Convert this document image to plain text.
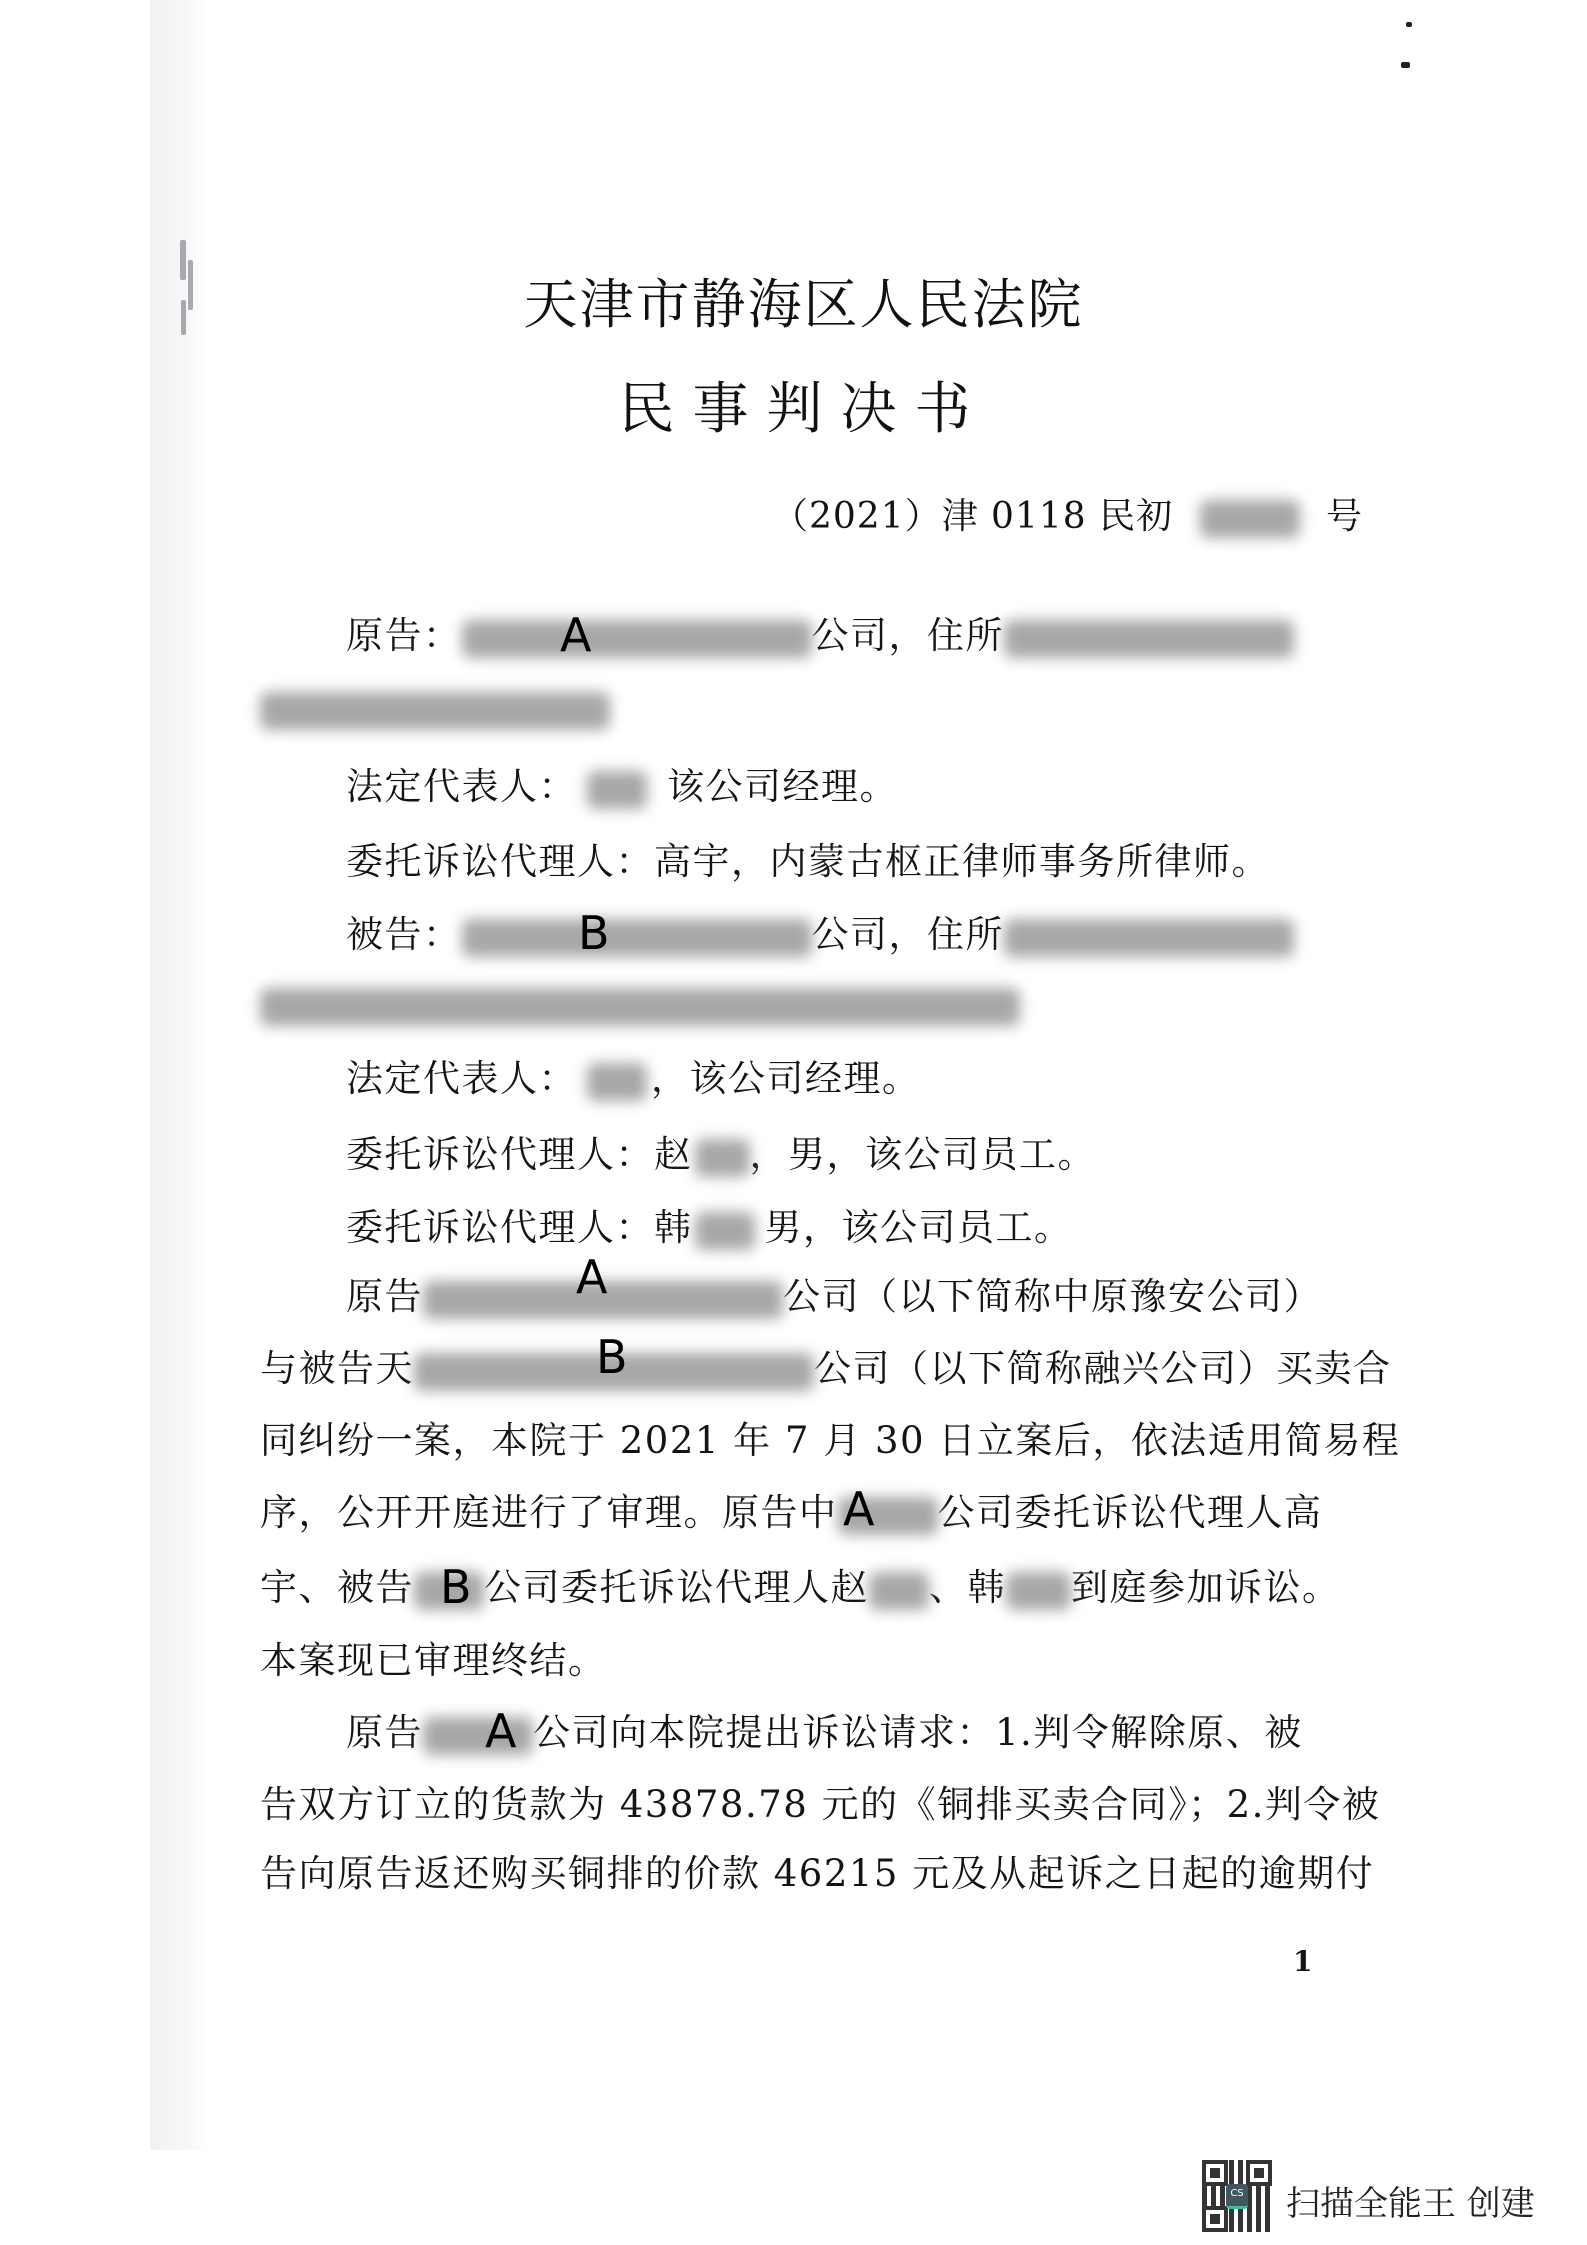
天津市静海区人民法院
民事判决书
（2021）津 0118 民初	号
原告：	公司，住所
A
法定代表人： 该公司经理。
委托诉讼代理人：高宇，内蒙古枢正律师事务所律师。
被告：	公司，住所
B
法定代表人： ，该公司经理。
委托诉讼代理人：赵 ，男，该公司员工。
委托诉讼代理人：韩 男，该公司员工。
原告	公司（以下简称中原豫安公司）
A
与被告天	公司（以下简称融兴公司）买卖合
B
同纠纷一案，本院于 2021 年 7 月 30 日立案后，依法适用简易程
序，公开开庭进行了审理。原告中	公司委托诉讼代理人高
A
宇、被告 公司委托诉讼代理人赵 、韩 到庭参加诉讼。
B
本案现已审理终结。
原告	公司向本院提出诉讼请求：1.判令解除原、被
A
告双方订立的货款为 43878.78 元的《铜排买卖合同》；2.判令被
告向原告返还购买铜排的价款 46215 元及从起诉之日起的逾期付
1
CS 扫描全能王 创建
